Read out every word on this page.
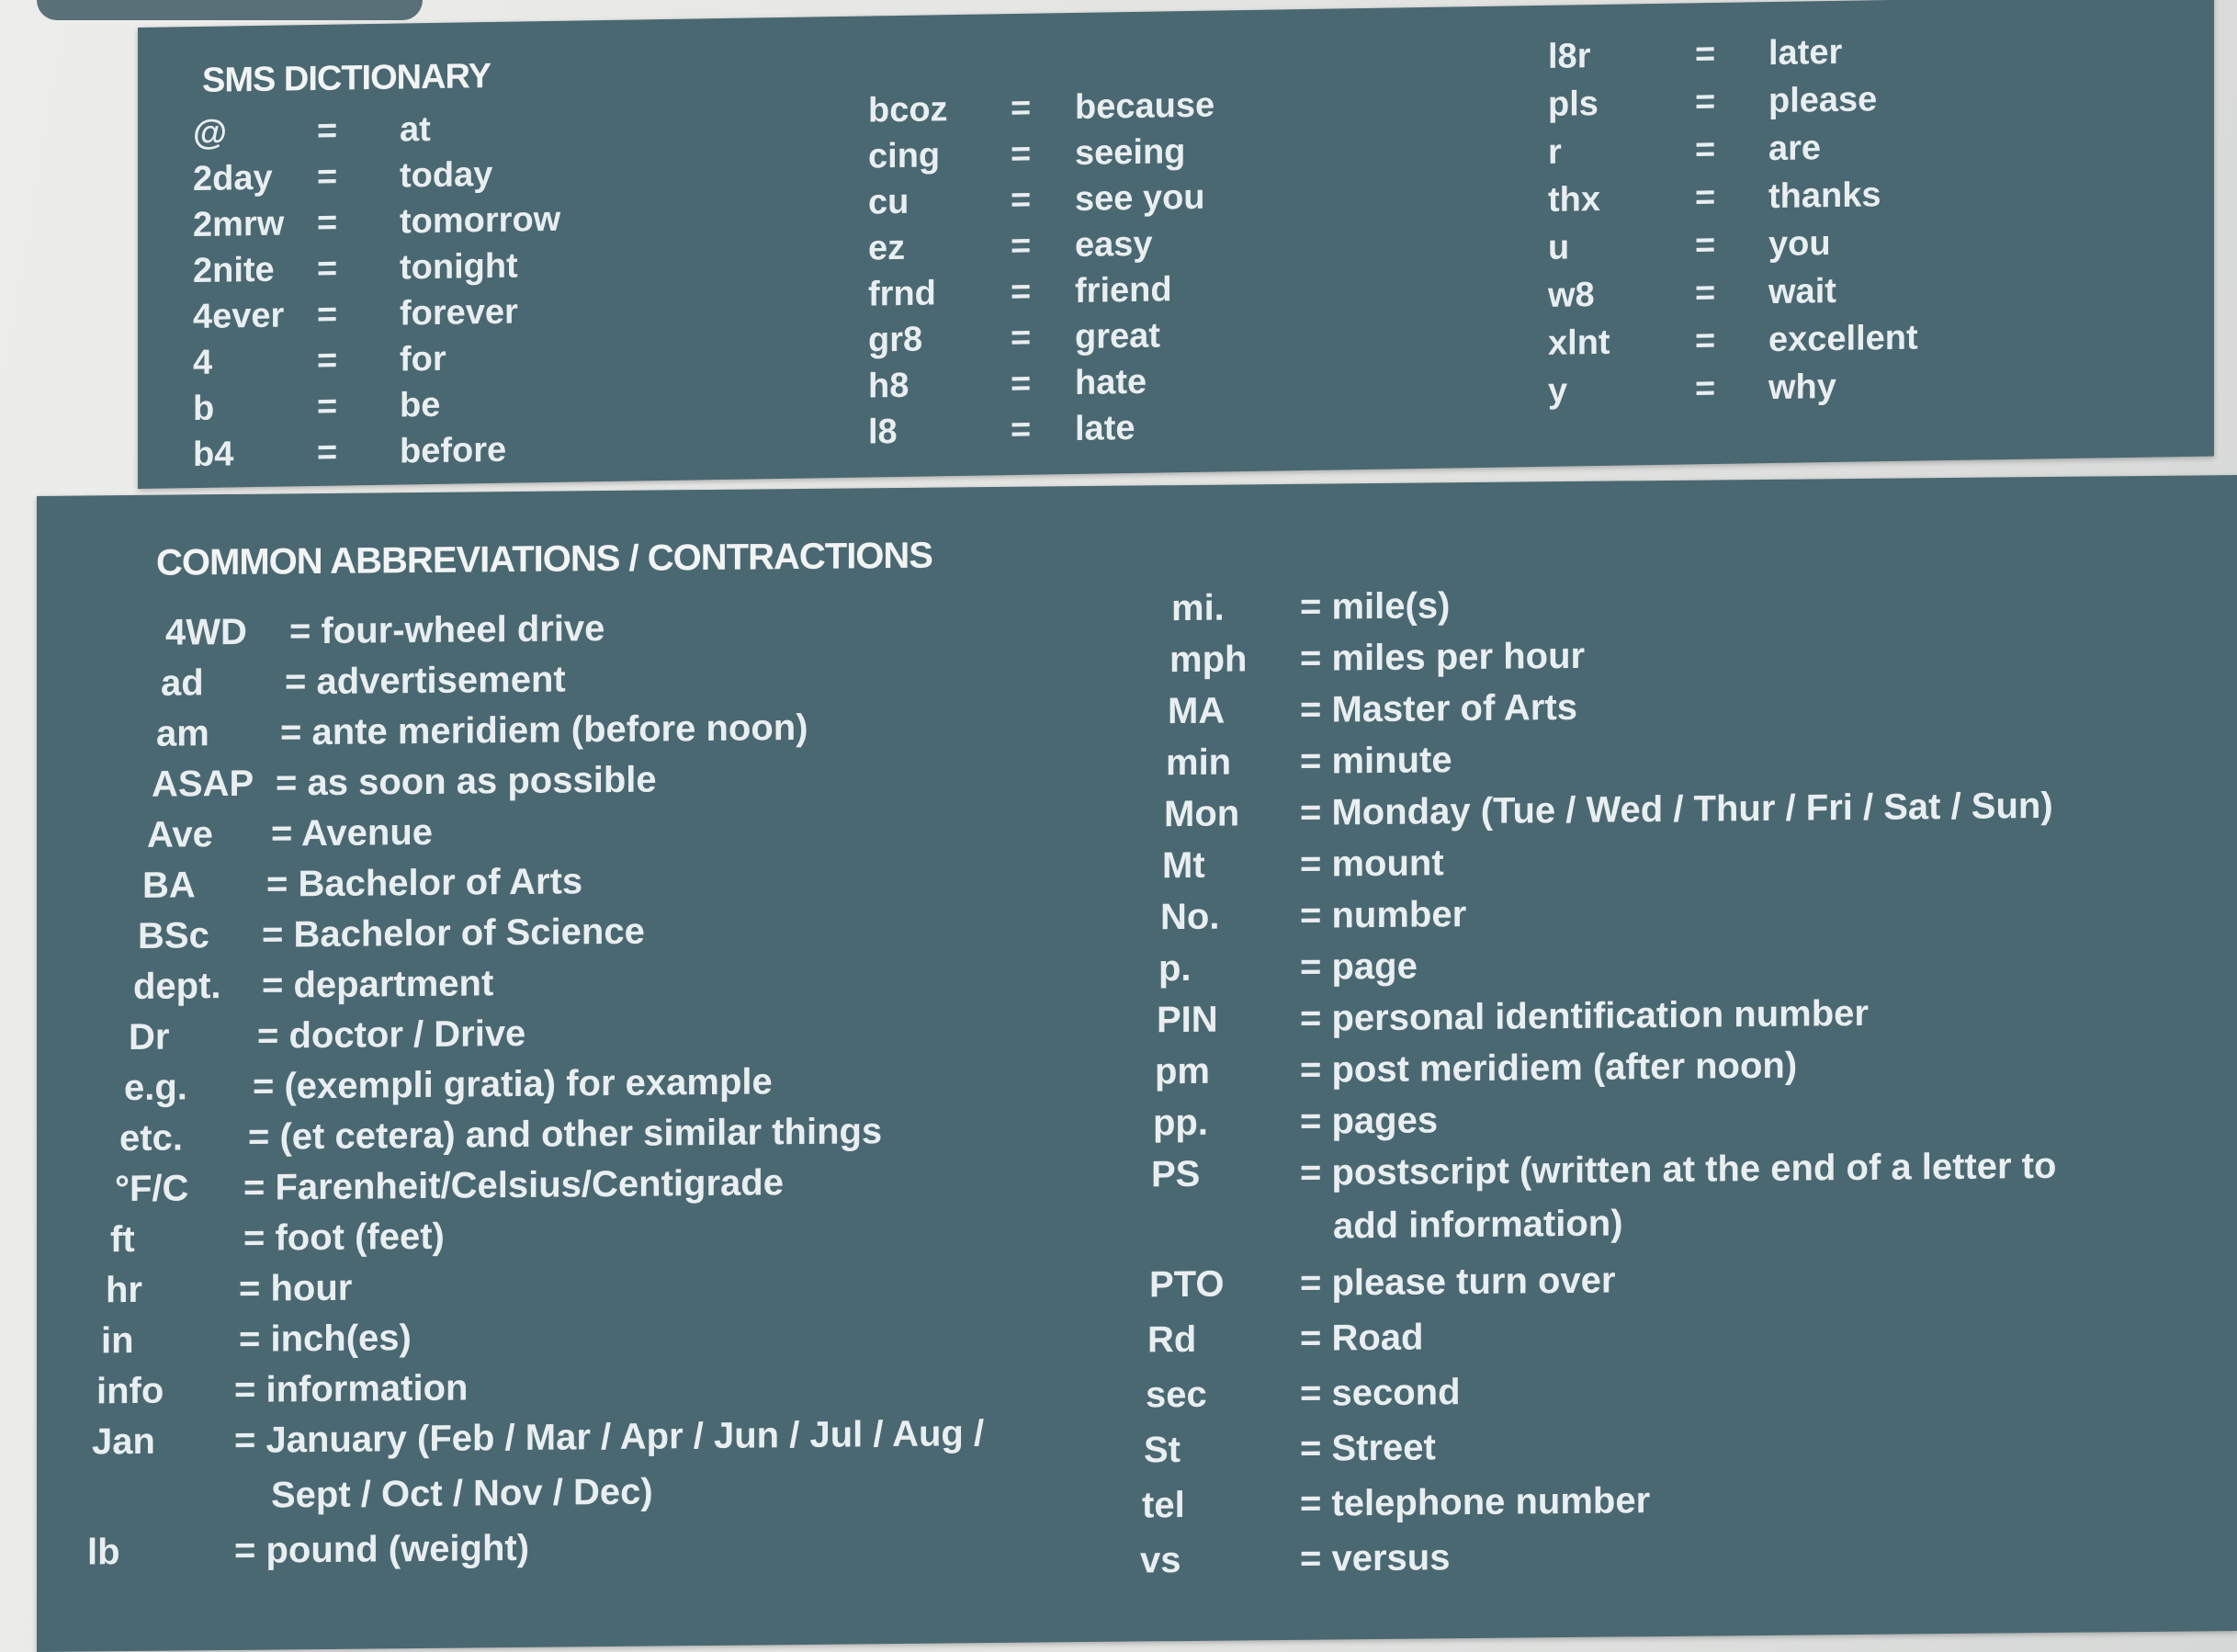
SMS DICTIONARY
@	= at
2day = today
2mrw = tomorrow
2nite = tonight
4ever = forever
4	= for
b	= be
b4 = before
bcoz = because
cing = seeing
cu	= see you
ez	= easy
frnd = friend
gr8	= great
h8	= hate
l8	= late
l8r	= later
pls	= please
r	= are
thx	= thanks
u	= you
w8	= wait
xlnt = excellent
y	= why
COMMON ABBREVIATIONS / CONTRACTIONS
4WD = four-wheel drive
ad = advertisement
am = ante meridiem (before noon)
ASAP = as soon as possible
Ave = Avenue
BA = Bachelor of Arts
BSc = Bachelor of Science
dept. = department
Dr = doctor / Drive
e.g. = (exempli gratia) for example
etc. = (et cetera) and other similar things
°F/C = Farenheit/Celsius/Centigrade
ft	= foot (feet)
hr	= hour
in	= inch(es)
info = information
Jan = January (Feb / Mar / Apr / Jun / Jul / Aug /
Sept / Oct / Nov / Dec)
lb	= pound (weight)
mi. = mile(s)
mph = miles per hour
MA = Master of Arts
min = minute
Mon = Monday (Tue / Wed / Thur / Fri / Sat / Sun)
Mt	= mount
No. = number
p.	= page
PIN = personal identification number
pm = post meridiem (after noon)
pp.	= pages
PS	= postscript (written at the end of a letter to
add information)
PTO = please turn over
Rd	= Road
sec	= second
St	= Street
tel	= telephone number
vs	= versus
